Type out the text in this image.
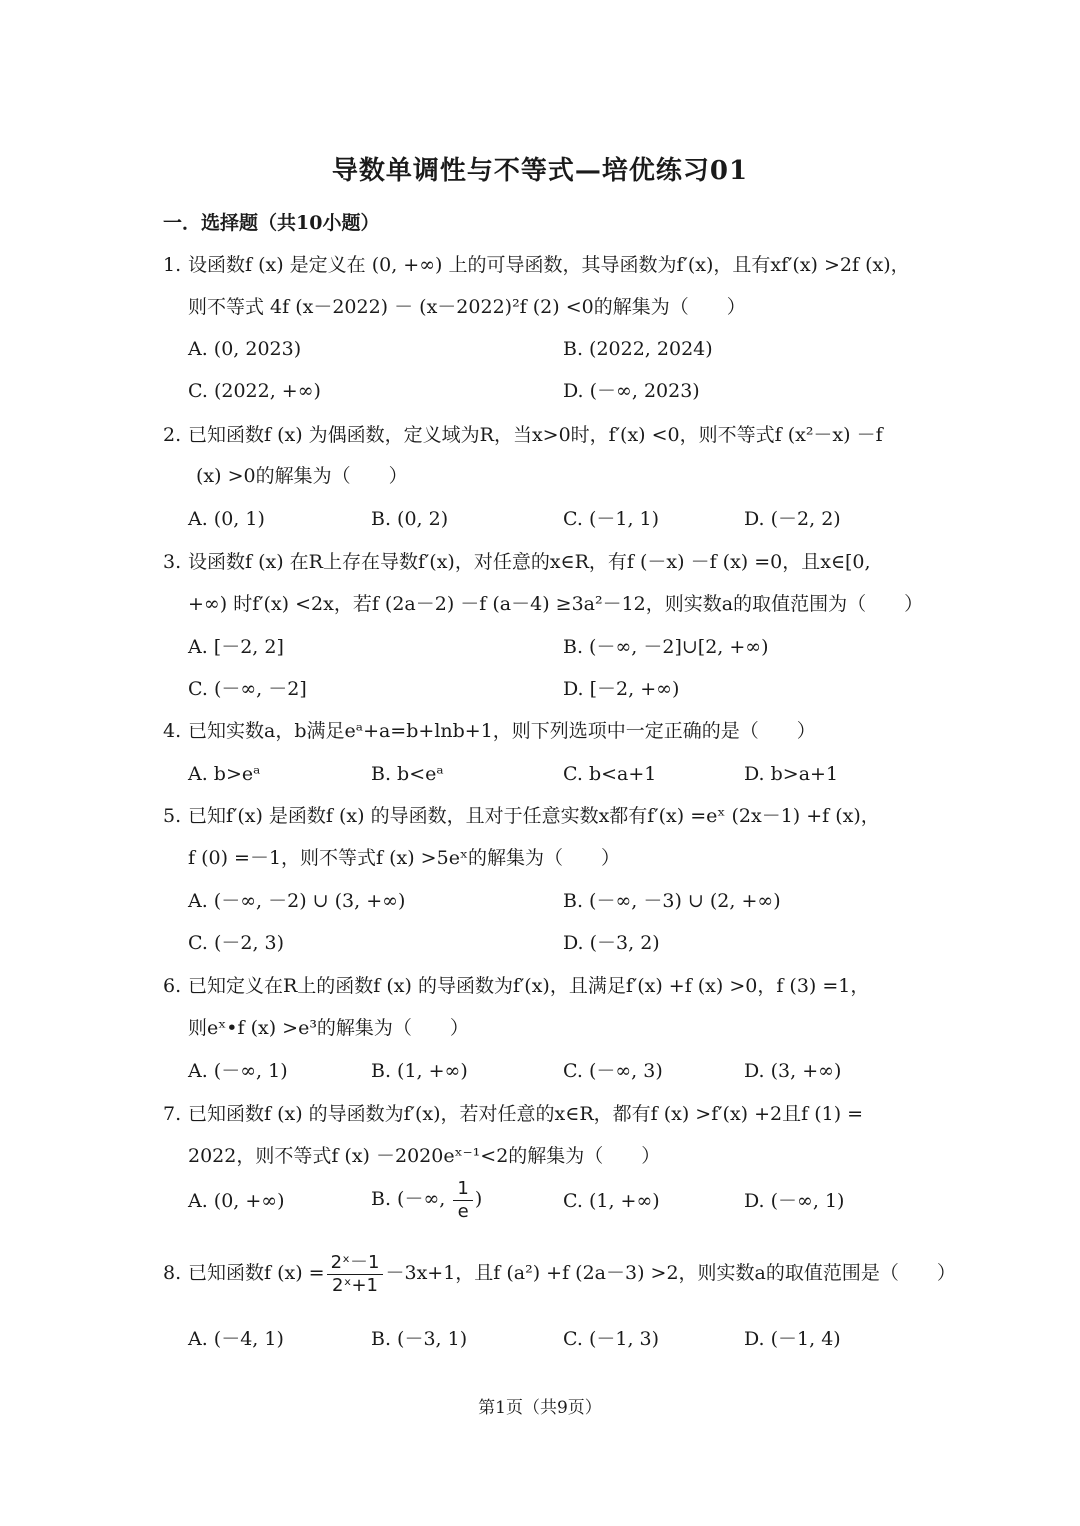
导数单调性与不等式—培优练习01
一．选择题（共10小题）
1. 设函数f (x) 是定义在 (0, +∞) 上的可导函数，其导函数为f′(x)，且有xf′(x) >2f (x)，
则不等式 4f (x－2022) － (x－2022)²f (2) <0的解集为（　　）
A. (0, 2023)	B. (2022, 2024)
C. (2022, +∞)	D. (－∞, 2023)
2. 已知函数f (x) 为偶函数，定义域为R，当x>0时，f′(x) <0，则不等式f (x²－x) －f
(x) >0的解集为（　　）
A. (0, 1)	B. (0, 2)	C. (－1, 1)	D. (－2, 2)
3. 设函数f (x) 在R上存在导数f′(x)，对任意的x∈R，有f (－x) －f (x) =0，且x∈[0,
+∞) 时f′(x) <2x，若f (2a－2) －f (a－4) ≥3a²－12，则实数a的取值范围为（　　）
A. [－2, 2]	B. (－∞, －2]∪[2, +∞)
C. (－∞, －2]	D. [－2, +∞)
4. 已知实数a，b满足eᵃ+a=b+lnb+1，则下列选项中一定正确的是（　　）
A. b>eᵃ	B. b<eᵃ	C. b<a+1	D. b>a+1
5. 已知f′(x) 是函数f (x) 的导函数，且对于任意实数x都有f′(x) =eˣ (2x－1) +f (x)，
f (0) =－1，则不等式f (x) >5eˣ的解集为（　　）
A. (－∞, －2) ∪ (3, +∞)	B. (－∞, －3) ∪ (2, +∞)
C. (－2, 3)	D. (－3, 2)
6. 已知定义在R上的函数f (x) 的导函数为f′(x)，且满足f′(x) +f (x) >0，f (3) =1，
则eˣ•f (x) >e³的解集为（　　）
A. (－∞, 1)	B. (1, +∞)	C. (－∞, 3)	D. (3, +∞)
7. 已知函数f (x) 的导函数为f′(x)，若对任意的x∈R，都有f (x) >f′(x) +2且f (1) =
2022，则不等式f (x) －2020eˣ⁻¹<2的解集为（　　）
A. (0, +∞)	B. (－∞, $\frac{1}{e}$ )	C. (1, +∞)	D. (－∞, 1)
8. 已知函数f $(x) = \frac{\text{2ˣ－1}}{\text{2ˣ+1}} -3x+1$，且f (a²) +f (2a－3) >2，则实数a的取值范围是（　　）
A. (－4, 1)	B. (－3, 1)	C. (－1, 3)	D. (－1, 4)
第1页（共9页）
